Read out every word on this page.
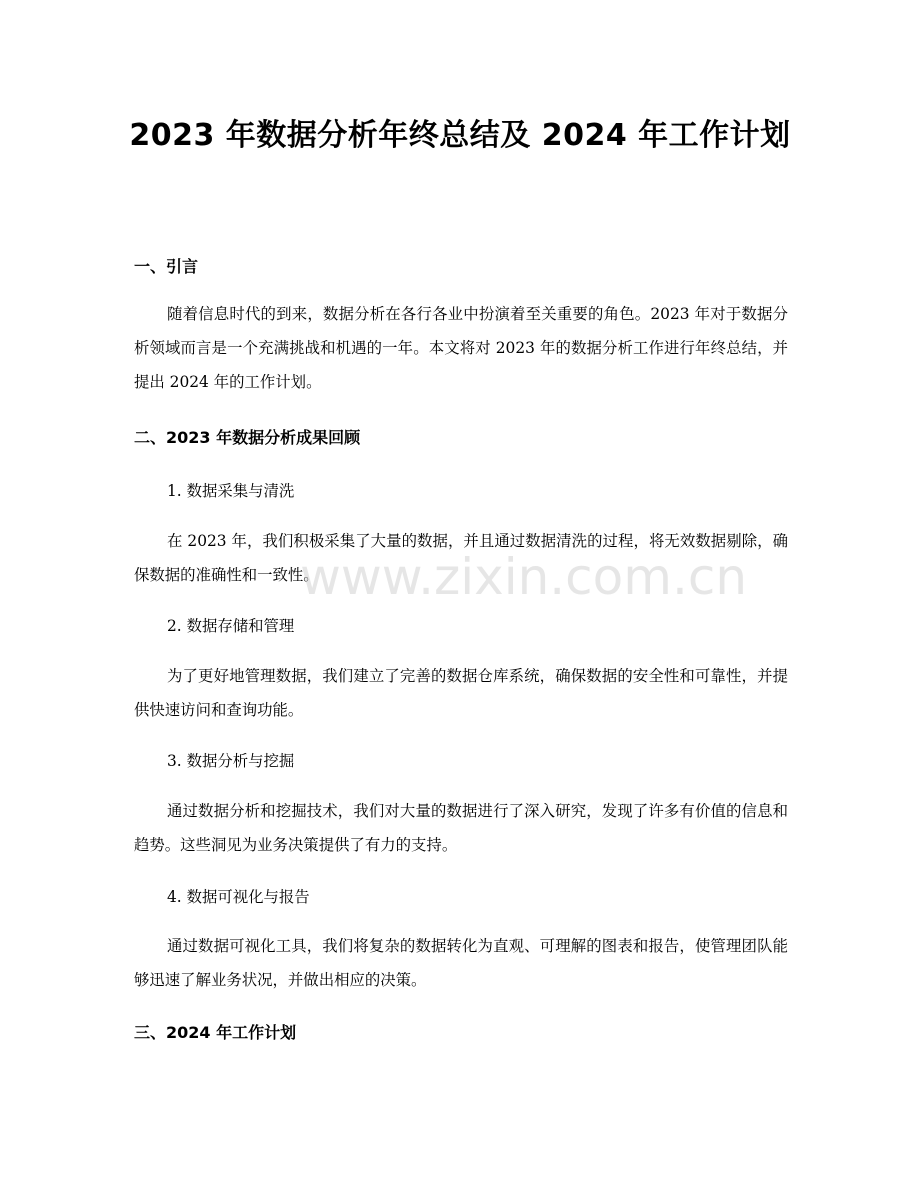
2023 年数据分析年终总结及 2024 年工作计划
一、引言

随着信息时代的到来，数据分析在各行各业中扮演着至关重要的角色。2023 年对于数据分析领域而言是一个充满挑战和机遇的一年。本文将对 2023 年的数据分析工作进行年终总结，并提出 2024 年的工作计划。

二、2023 年数据分析成果回顾

1. 数据采集与清洗

在 2023 年，我们积极采集了大量的数据，并且通过数据清洗的过程，将无效数据剔除，确保数据的准确性和一致性。

2. 数据存储和管理

为了更好地管理数据，我们建立了完善的数据仓库系统，确保数据的安全性和可靠性，并提供快速访问和查询功能。

3. 数据分析与挖掘

通过数据分析和挖掘技术，我们对大量的数据进行了深入研究，发现了许多有价值的信息和趋势。这些洞见为业务决策提供了有力的支持。

4. 数据可视化与报告

通过数据可视化工具，我们将复杂的数据转化为直观、可理解的图表和报告，使管理团队能够迅速了解业务状况，并做出相应的决策。

三、2024 年工作计划
www.zixin.com.cn
